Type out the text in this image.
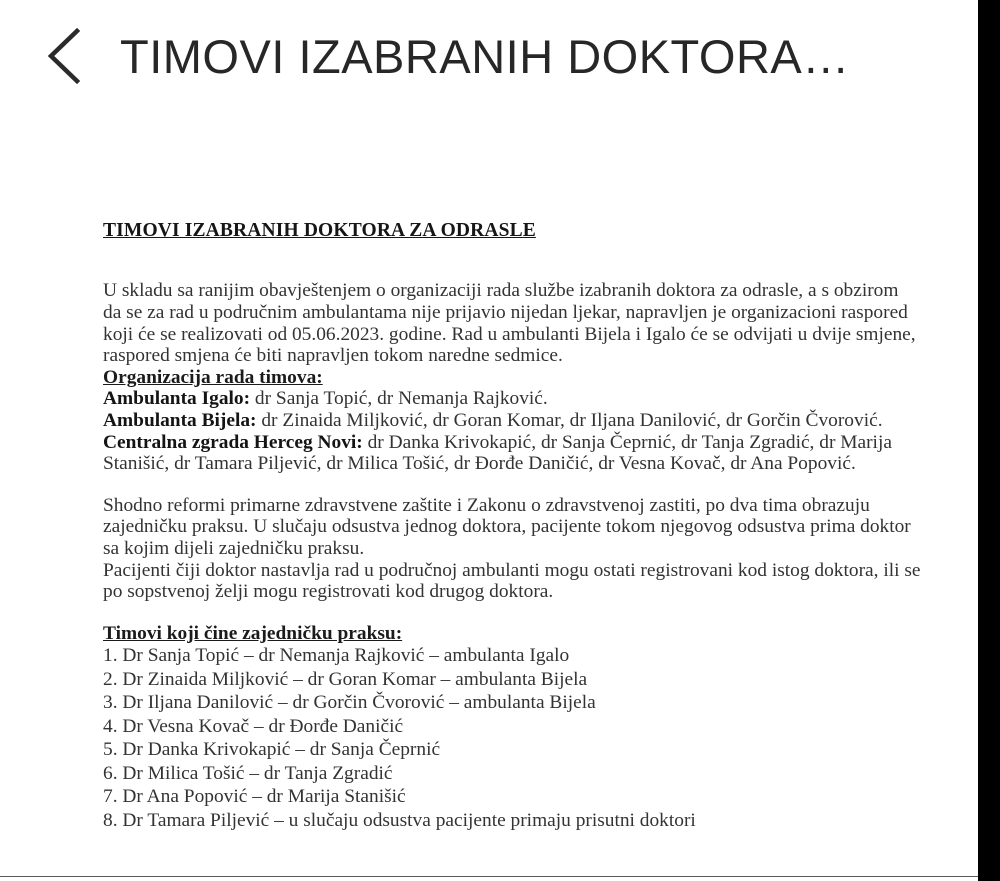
TIMOVI IZABRANIH DOKTORA…
TIMOVI IZABRANIH DOKTORA ZA ODRASLE
U skladu sa ranijim obavještenjem o organizaciji rada službe izabranih doktora za odrasle, a s obzirom da se za rad u područnim ambulantama nije prijavio nijedan ljekar, napravljen je organizacioni raspored koji će se realizovati od 05.06.2023. godine. Rad u ambulanti Bijela i Igalo će se odvijati u dvije smjene, raspored smjena će biti napravljen tokom naredne sedmice.
Organizacija rada timova:
Ambulanta Igalo: dr Sanja Topić, dr Nemanja Rajković.
Ambulanta Bijela: dr Zinaida Miljković, dr Goran Komar, dr Iljana Danilović, dr Gorčin Čvorović.
Centralna zgrada Herceg Novi: dr Danka Krivokapić, dr Sanja Čeprnić, dr Tanja Zgradić, dr Marija Stanišić, dr Tamara Piljević, dr Milica Tošić, dr Đorđe Daničić, dr Vesna Kovač, dr Ana Popović.
Shodno reformi primarne zdravstvene zaštite i Zakonu o zdravstvenoj zastiti, po dva tima obrazuju zajedničku praksu. U slučaju odsustva jednog doktora, pacijente tokom njegovog odsustva prima doktor sa kojim dijeli zajedničku praksu.
Pacijenti čiji doktor nastavlja rad u područnoj ambulanti mogu ostati registrovani kod istog doktora, ili se po sopstvenoj želji mogu registrovati kod drugog doktora.
Timovi koji čine zajedničku praksu:
1. Dr Sanja Topić – dr Nemanja Rajković – ambulanta Igalo
2. Dr Zinaida Miljković – dr Goran Komar – ambulanta Bijela
3. Dr Iljana Danilović – dr Gorčin Čvorović – ambulanta Bijela
4. Dr Vesna Kovač – dr Đorđe Daničić
5. Dr Danka Krivokapić – dr Sanja Čeprnić
6. Dr Milica Tošić – dr Tanja Zgradić
7. Dr Ana Popović – dr Marija Stanišić
8. Dr Tamara Piljević – u slučaju odsustva pacijente primaju prisutni doktori
